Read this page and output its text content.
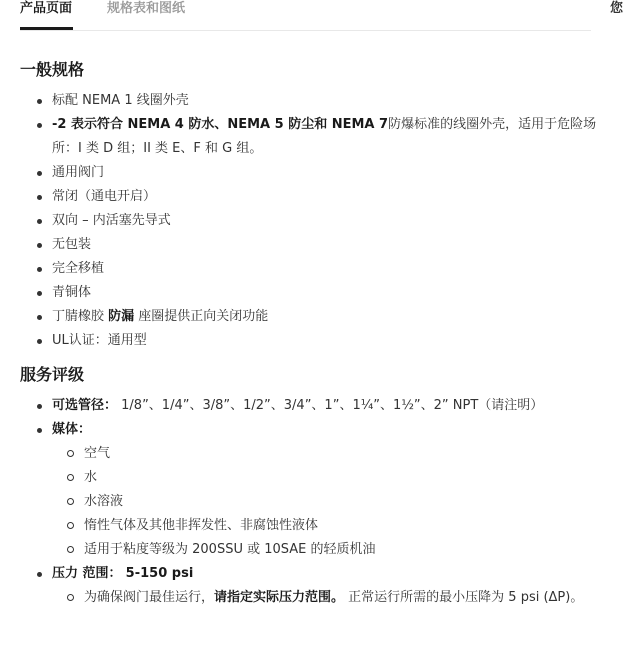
产品页面	规格表和图纸	您
一般规格
标配 NEMA 1 线圈外壳
-2 表示符合 NEMA 4 防水、NEMA 5 防尘和 NEMA 7防爆标准的线圈外壳，适用于危险场所：I 类 D 组；II 类 E、F 和 G 组。
通用阀门
常闭（通电开启）
双向 – 内活塞先导式
无包装
完全移植
青铜体
丁腈橡胶 防漏 座圈提供正向关闭功能
UL认证：通用型
服务评级
可选管径： 1/8”、1/4”、3/8”、1/2”、3/4”、1”、1¼”、1½”、2” NPT（请注明）
媒体：
空气
水
水溶液
惰性气体及其他非挥发性、非腐蚀性液体
适用于粘度等级为 200SSU 或 10SAE 的轻质机油
压力 范围： 5-150 psi
为确保阀门最佳运行，请指定实际压力范围。 正常运行所需的最小压降为 5 psi (ΔP)。
